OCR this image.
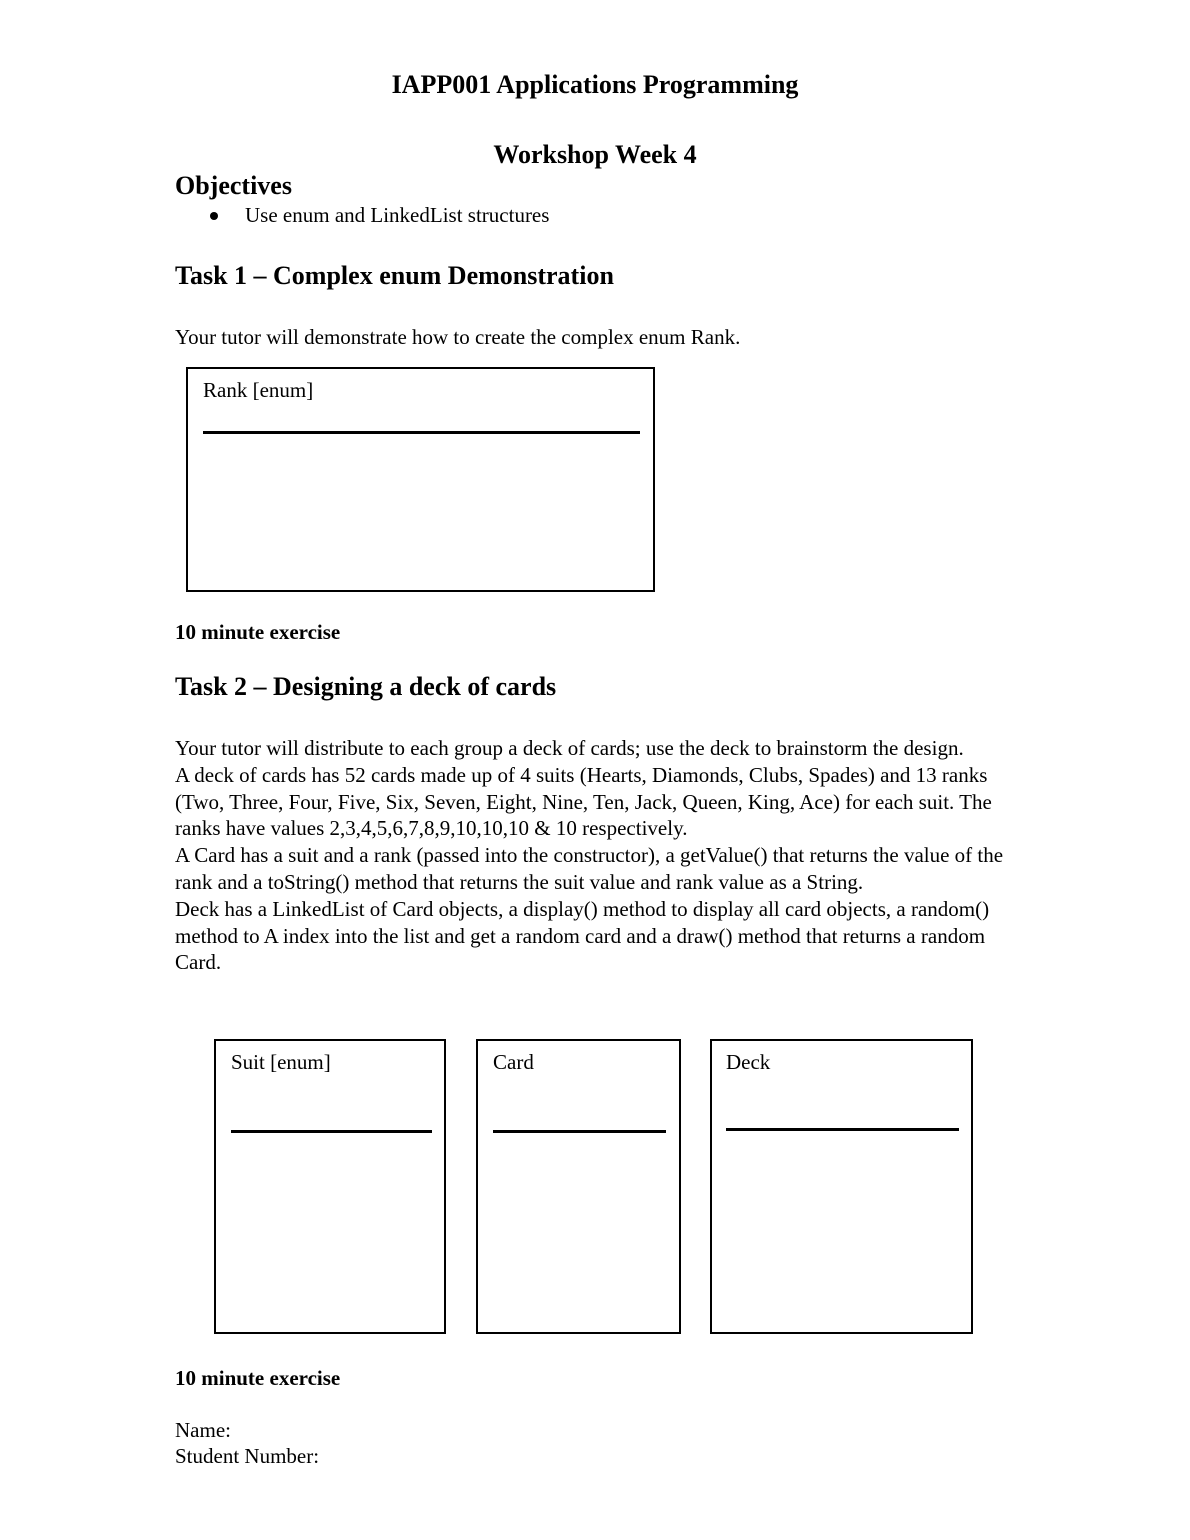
IAPP001 Applications Programming
Workshop Week 4
Objectives
Use enum and LinkedList structures
Task 1 – Complex enum Demonstration
Your tutor will demonstrate how to create the complex enum Rank.
Rank [enum]
10 minute exercise
Task 2 – Designing a deck of cards
Your tutor will distribute to each group a deck of cards; use the deck to brainstorm the design.
A deck of cards has 52 cards made up of 4 suits (Hearts, Diamonds, Clubs, Spades) and 13 ranks (Two, Three, Four, Five, Six, Seven, Eight, Nine, Ten, Jack, Queen, King, Ace) for each suit. The ranks have values 2,3,4,5,6,7,8,9,10,10,10 & 10 respectively.
A Card has a suit and a rank (passed into the constructor), a getValue() that returns the value of the rank and a toString() method that returns the suit value and rank value as a String.
Deck has a LinkedList of Card objects, a display() method to display all card objects, a random() method to A index into the list and get a random card and a draw() method that returns a random Card.
Suit [enum]	Card	Deck
10 minute exercise
Name:
Student Number:
